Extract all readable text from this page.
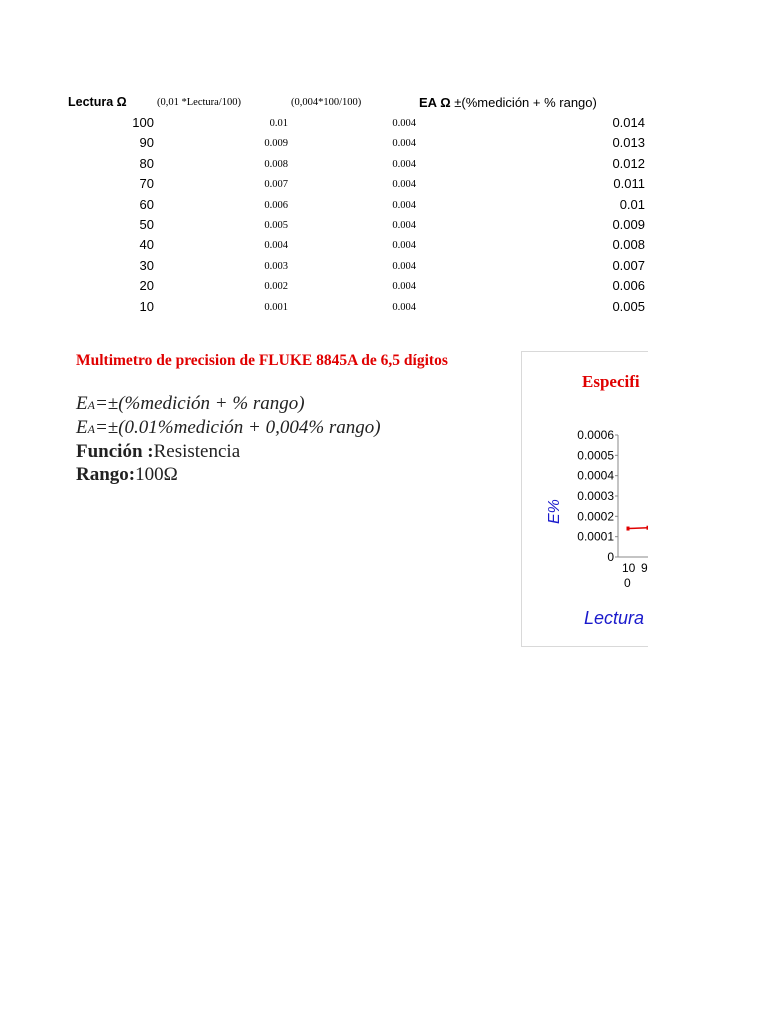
Lectura Ω	(0,01 *Lectura/100)	(0,004*100/100)	EA Ω ±(%medición + % rango)
100	0.01	0.004	0.014
90	0.009	0.004	0.013
80	0.008	0.004	0.012
70	0.007	0.004	0.011
60	0.006	0.004	0.01
50	0.005	0.004	0.009
40	0.004	0.004	0.008
30	0.003	0.004	0.007
20	0.002	0.004	0.006
10	0.001	0.004	0.005
Multimetro de precision de FLUKE 8845A de 6,5 dígitos
EA=±(%medición + % rango)
EA=±(0.01%medición + 0,004% rango)
Función :Resistencia
Rango:100Ω
Especifi
E%
0.0006
0.0005
0.0004
0.0003
0.0002
0.0001
0
10
0
9
Lectura
